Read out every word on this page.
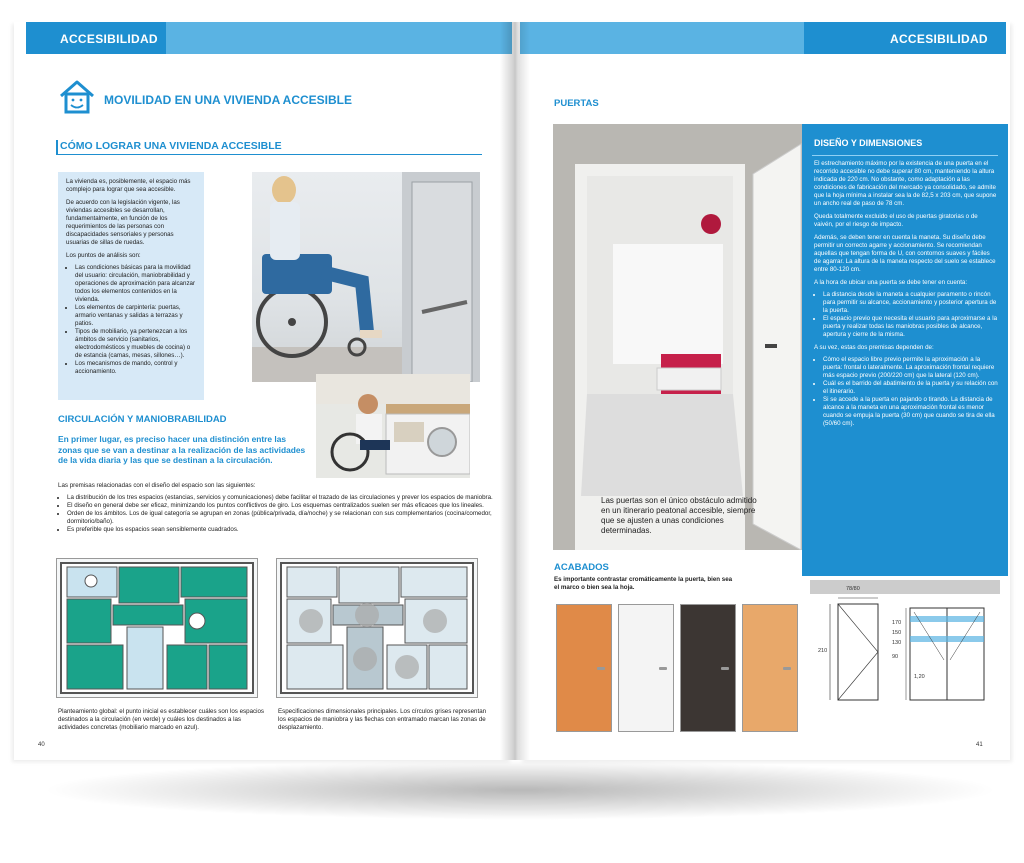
ACCESIBILIDAD
MOVILIDAD EN UNA VIVIENDA ACCESIBLE
CÓMO LOGRAR UNA VIVIENDA ACCESIBLE
La vivienda es, posiblemente, el espacio más complejo para lograr que sea accesible.
De acuerdo con la legislación vigente, las viviendas accesibles se desarrollan, fundamentalmente, en función de los requerimientos de las personas con discapacidades sensoriales y personas usuarias de sillas de ruedas.
Los puntos de análisis son:
• Las condiciones básicas para la movilidad del usuario: circulación, maniobrabilidad y operaciones de aproximación para alcanzar todos los elementos contenidos en la vivienda.
• Los elementos de carpintería: puertas, armario ventanas y salidas a terrazas y patios.
• Tipos de mobiliario, ya pertenezcan a los ámbitos de servicio (sanitarios, electrodomésticos y muebles de cocina) o de estancia (camas, mesas, sillones…).
• Los mecanismos de mando, control y accionamiento.
CIRCULACIÓN Y MANIOBRABILIDAD
En primer lugar, es preciso hacer una distinción entre las zonas que se van a destinar a la realización de las actividades de la vida diaria y las que se destinan a la circulación.
Las premisas relacionadas con el diseño del espacio son las siguientes:
• La distribución de los tres espacios (estancias, servicios y comunicaciones) debe facilitar el trazado de las circulaciones y prever los espacios de maniobra.
• El diseño en general debe ser eficaz, minimizando los puntos conflictivos de giro. Los esquemas centralizados suelen ser más eficaces que los lineales.
• Orden de los ámbitos. Los de igual categoría se agrupan en zonas (pública/privada, día/noche) y se relacionan con sus complementarios (cocina/comedor, dormitorio/baño).
• Es preferible que los espacios sean sensiblemente cuadrados.
Planteamiento global: el punto inicial es establecer cuáles son los espacios destinados a la circulación (en verde) y cuáles los destinados a las actividades concretas (mobiliario marcado en azul).
Especificaciones dimensionales principales. Los círculos grises representan los espacios de maniobra y las flechas con entramado marcan las zonas de desplazamiento.
40
ACCESIBILIDAD
PUERTAS
Las puertas son el único obstáculo admitido en un itinerario peatonal accesible, siempre que se ajusten a unas condiciones determinadas.
DISEÑO Y DIMENSIONES
El estrechamiento máximo por la existencia de una puerta en el recorrido accesible no debe superar 80 cm, manteniendo la altura indicada de 220 cm. No obstante, como adaptación a las condiciones de fabricación del mercado ya consolidado, se admite que la hoja mínima a instalar sea la de 82,5 x 203 cm, que supone un ancho real de paso de 78 cm.
Queda totalmente excluido el uso de puertas giratorias o de vaivén, por el riesgo de impacto.
Además, se deben tener en cuenta la maneta. Su diseño debe permitir un correcto agarre y accionamiento. Se recomiendan aquellas que tengan forma de U, con contornos suaves y fáciles de agarrar. La altura de la maneta respecto del suelo se establece entre 80-120 cm.
A la hora de ubicar una puerta se debe tener en cuenta:
• La distancia desde la maneta a cualquier paramento o rincón para permitir su alcance, accionamiento y posterior apertura de la puerta.
• El espacio previo que necesita el usuario para aproximarse a la puerta y realizar todas las maniobras posibles de alcance, apertura y cierre de la misma.
A su vez, estas dos premisas dependen de:
• Cómo el espacio libre previo permite la aproximación a la puerta: frontal o lateralmente. La aproximación frontal requiere más espacio previo (200/220 cm) que la lateral (120 cm).
• Cuál es el barrido del abatimiento de la puerta y su relación con el itinerario.
• Si se accede a la puerta en pajando o tirando. La distancia de alcance a la maneta en una aproximación frontal es menor cuando se empuja la puerta (30 cm) que cuando se tira de ella (50/60 cm).
78/80
210
170
150
130
90
1,20
ACABADOS
Es importante contrastar cromáticamente la puerta, bien sea el marco o bien sea la hoja.
41
